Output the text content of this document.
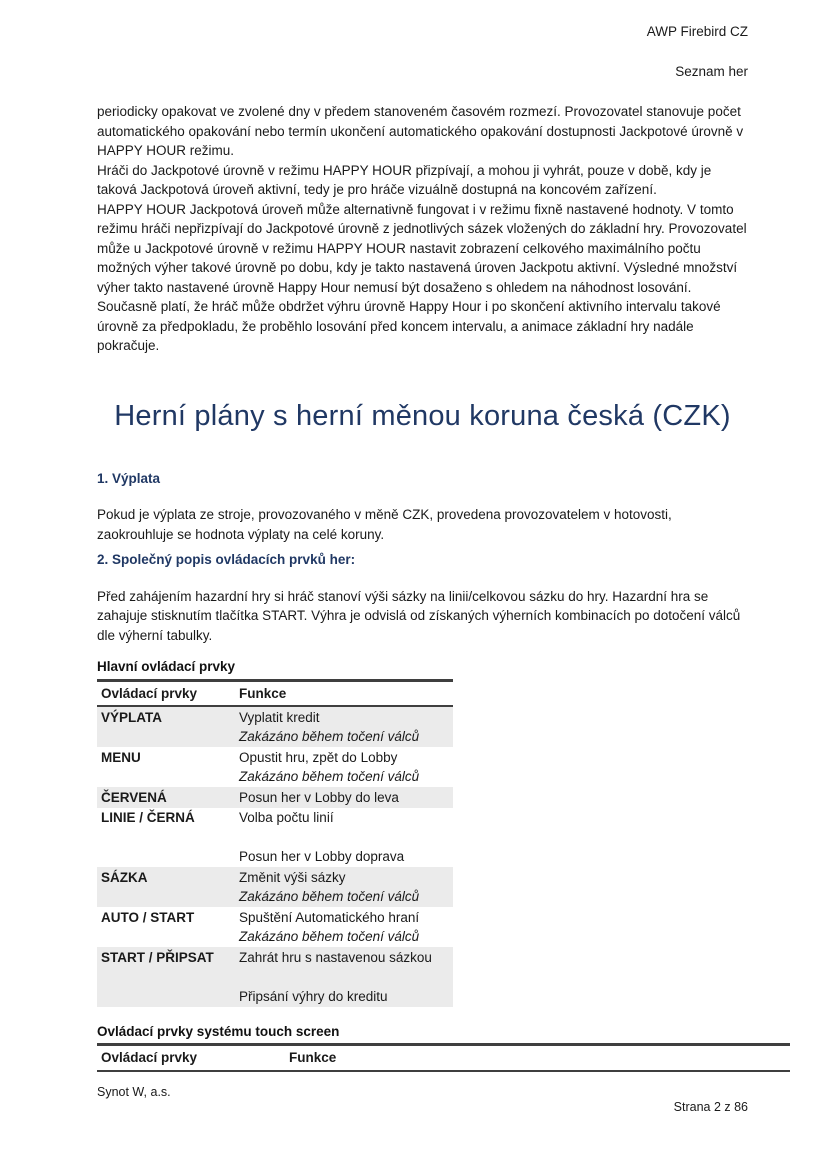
AWP Firebird CZ
Seznam her

periodicky opakovat ve zvolené dny v předem stanoveném časovém rozmezí. Provozovatel stanovuje počet automatického opakování nebo termín ukončení automatického opakování dostupnosti Jackpotové úrovně v HAPPY HOUR režimu.

Hráči do Jackpotové úrovně v režimu HAPPY HOUR přizpívají, a mohou ji vyhrát, pouze v době, kdy je taková Jackpotová úroveň aktivní, tedy je pro hráče vizuálně dostupná na koncovém zařízení.

HAPPY HOUR Jackpotová úroveň může alternativně fungovat i v režimu fixně nastavené hodnoty. V tomto režimu hráči nepřizpívají do Jackpotové úrovně z jednotlivých sázek vložených do základní hry. Provozovatel může u Jackpotové úrovně v režimu HAPPY HOUR nastavit zobrazení celkového maximálního počtu možných výher takové úrovně po dobu, kdy je takto nastavená úroven Jackpotu aktivní. Výsledné množství výher takto nastavené úrovně Happy Hour nemusí být dosaženo s ohledem na náhodnost losování. Současně platí, že hráč může obdržet výhru úrovně Happy Hour i po skončení aktivního intervalu takové úrovně za předpokladu, že proběhlo losování před koncem intervalu, a animace základní hry nadále pokračuje.

Herní plány s herní měnou koruna česká (CZK)
1. Výplata

Pokud je výplata ze stroje, provozovaného v měně CZK, provedena provozovatelem v hotovosti, zaokrouhluje se hodnota výplaty na celé koruny.

2. Společný popis ovládacích prvků her:

Před zahájením hazardní hry si hráč stanoví výši sázky na linii/celkovou sázku do hry. Hazardní hra se zahajuje stisknutím tlačítka START. Výhra je odvislá od získaných výherních kombinacích po dotočení válců dle výherní tabulky.

Hlavní ovládací prvky
Ovládací prvky	Funkce
VÝPLATA	Vyplatit kredit
Zakázáno během točení válců

MENU	Opustit hru, zpět do Lobby
Zakázáno během točení válců

ČERVENÁ	Posun her v Lobby do leva

LINIE / ČERNÁ	Volba počtu linií
Posun her v Lobby doprava

SÁZKA	Změnit výši sázky
Zakázáno během točení válců

AUTO / START	Spuštění Automatického hraní
Zakázáno během točení válců

START / PŘIPSAT	Zahrát hru s nastavenou sázkou
Připsání výhry do kreditu
Ovládací prvky systému touch screen
Ovládací prvky	Funkce
Synot W, a.s.
Strana 2 z 86
